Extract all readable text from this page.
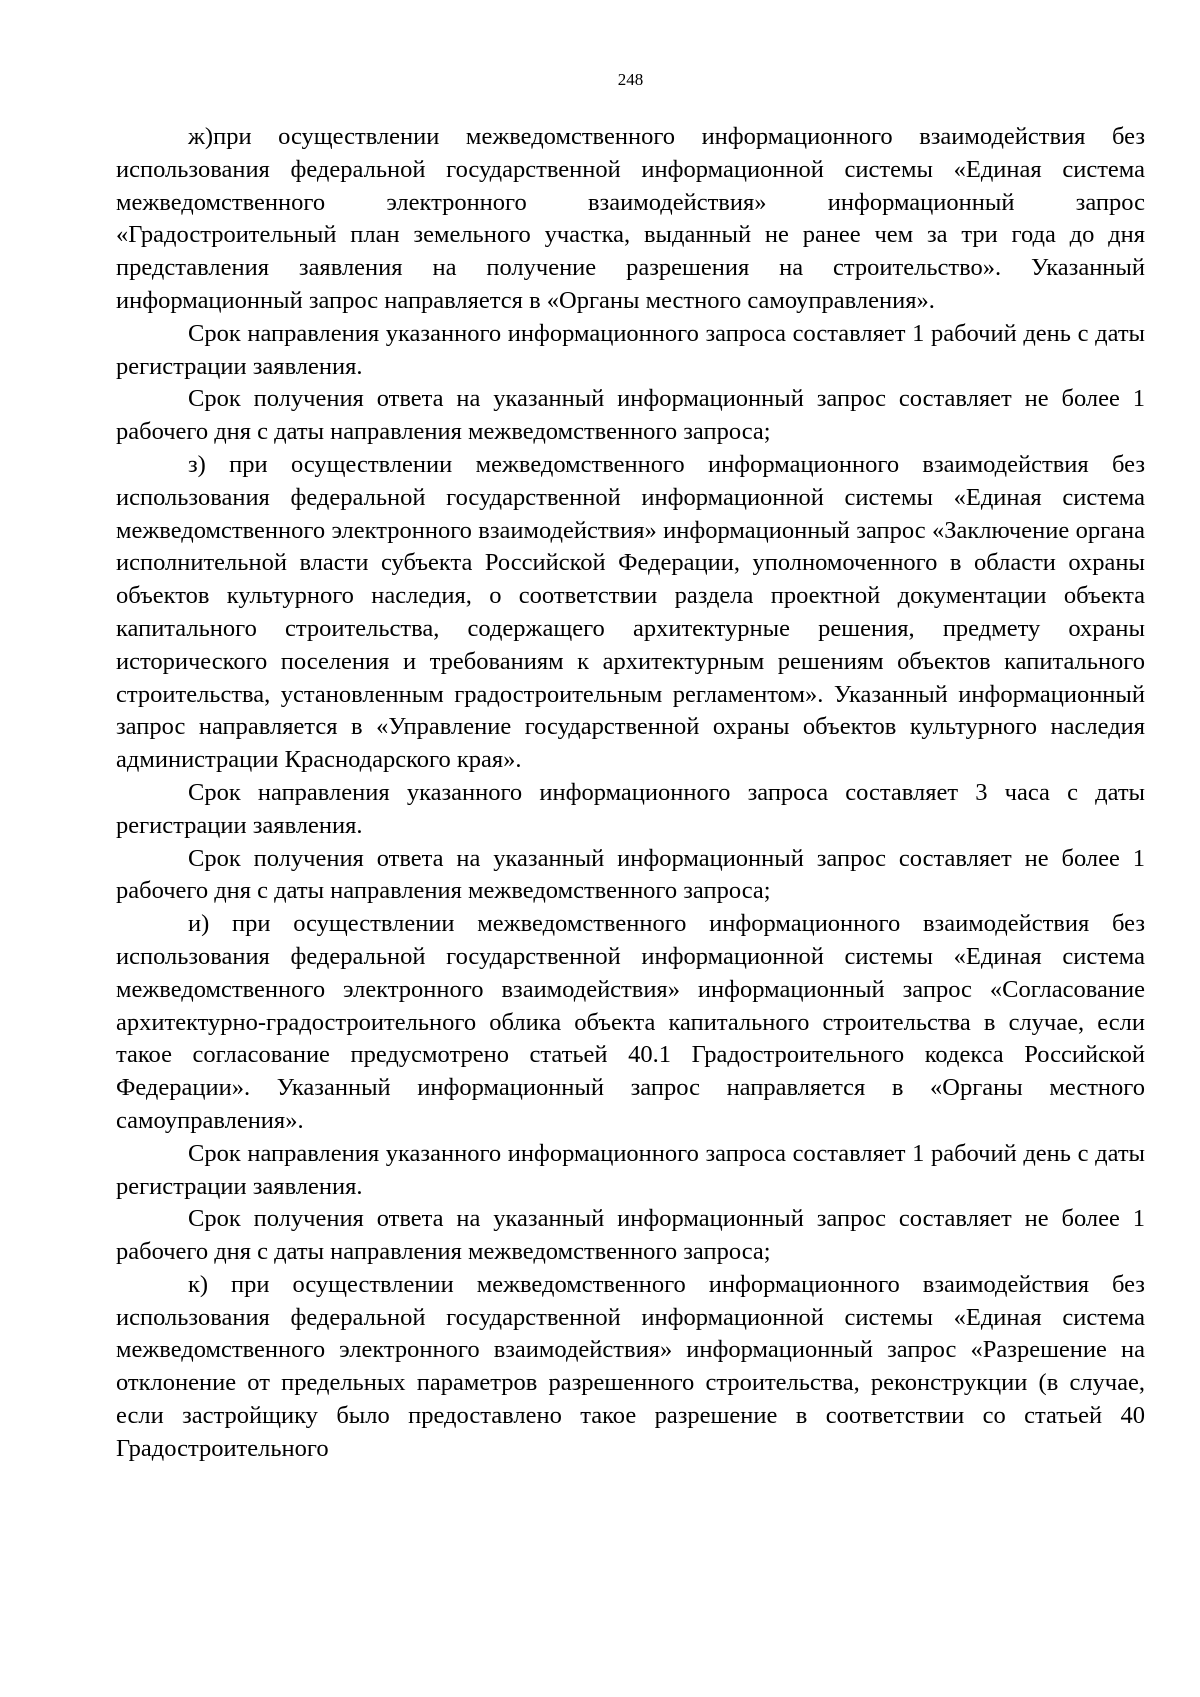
248

ж)при осуществлении межведомственного информационного взаимодействия без использования федеральной государственной информационной системы «Единая система межведомственного электронного взаимодействия» информационный запрос «Градостроительный план земельного участка, выданный не ранее чем за три года до дня представления заявления на получение разрешения на строительство». Указанный информационный запрос направляется в «Органы местного самоуправления».

Срок направления указанного информационного запроса составляет 1 рабочий день с даты регистрации заявления.

Срок получения ответа на указанный информационный запрос составляет не более 1 рабочего дня с даты направления межведомственного запроса;

з) при осуществлении межведомственного информационного взаимодействия без использования федеральной государственной информационной системы «Единая система межведомственного электронного взаимодействия» информационный запрос «Заключение органа исполнительной власти субъекта Российской Федерации, уполномоченного в области охраны объектов культурного наследия, о соответствии раздела проектной документации объекта капитального строительства, содержащего архитектурные решения, предмету охраны исторического поселения и требованиям к архитектурным решениям объектов капитального строительства, установленным градостроительным регламентом». Указанный информационный запрос направляется в «Управление государственной охраны объектов культурного наследия администрации Краснодарского края».

Срок направления указанного информационного запроса составляет 3 часа с даты регистрации заявления.

Срок получения ответа на указанный информационный запрос составляет не более 1 рабочего дня с даты направления межведомственного запроса;

и) при осуществлении межведомственного информационного взаимодействия без использования федеральной государственной информационной системы «Единая система межведомственного электронного взаимодействия» информационный запрос «Согласование архитектурно-градостроительного облика объекта капитального строительства в случае, если такое согласование предусмотрено статьей 40.1 Градостроительного кодекса Российской Федерации». Указанный информационный запрос направляется в «Органы местного самоуправления».

Срок направления указанного информационного запроса составляет 1 рабочий день с даты регистрации заявления.

Срок получения ответа на указанный информационный запрос составляет не более 1 рабочего дня с даты направления межведомственного запроса;

к) при осуществлении межведомственного информационного взаимодействия без использования федеральной государственной информационной системы «Единая система межведомственного электронного взаимодействия» информационный запрос «Разрешение на отклонение от предельных параметров разрешенного строительства, реконструкции (в случае, если застройщику было предоставлено такое разрешение в соответствии со статьей 40 Градостроительного
